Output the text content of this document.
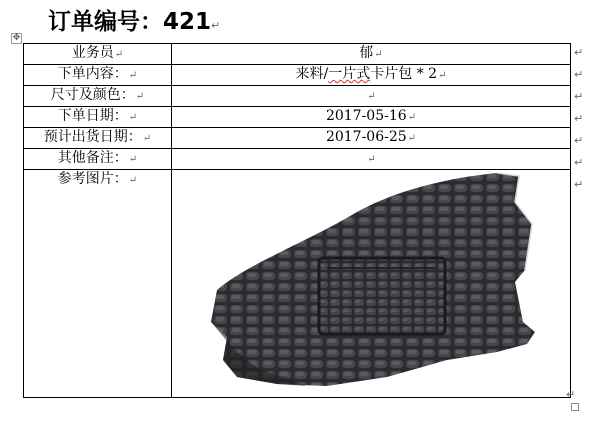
订单编号：421↵
✥
业务员↵	郁↵
下单内容：↵	来料/一片式卡片包 * 2↵
尺寸及颜色：↵	↵
下单日期：↵	2017-05-16↵
预计出货日期：↵	2017-06-25↵
其他备注：↵	↵
参考图片：↵	
↵
↵
↵
↵
↵
↵
↵
↵
